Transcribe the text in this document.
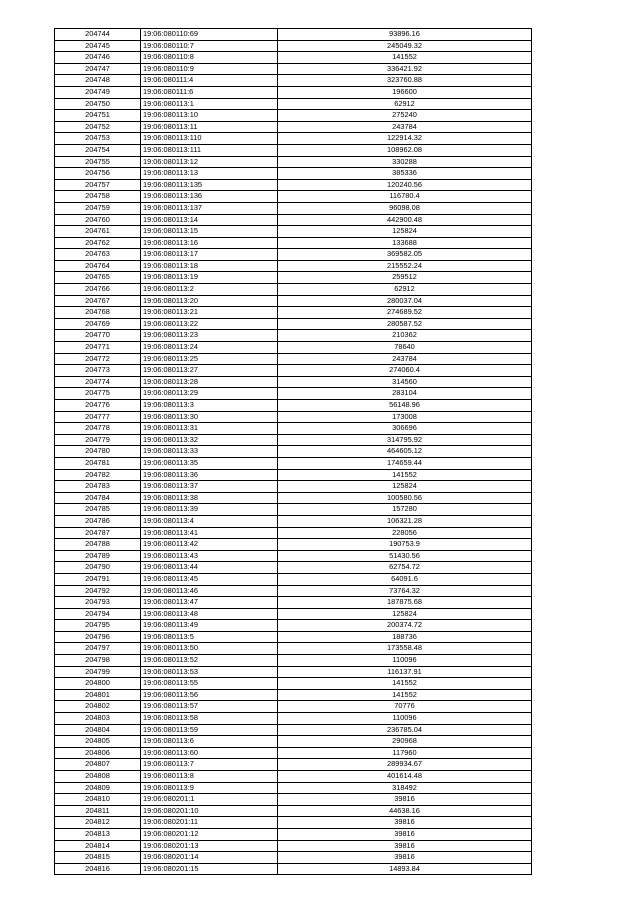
204744	19:06:080110:69	93896.16
204745	19:06:080110:7	245049.32
204746	19:06:080110:8	141552
204747	19:06:080110:9	336421.92
204748	19:06:080111:4	323760.88
204749	19:06:080111:6	196600
204750	19:06:080113:1	62912
204751	19:06:080113:10	275240
204752	19:06:080113:11	243784
204753	19:06:080113:110	122914.32
204754	19:06:080113:111	108962.08
204755	19:06:080113:12	330288
204756	19:06:080113:13	385336
204757	19:06:080113:135	120240.56
204758	19:06:080113:136	116780.4
204759	19:06:080113:137	96098.08
204760	19:06:080113:14	442900.48
204761	19:06:080113:15	125824
204762	19:06:080113:16	133688
204763	19:06:080113:17	369582.05
204764	19:06:080113:18	215552.24
204765	19:06:080113:19	259512
204766	19:06:080113:2	62912
204767	19:06:080113:20	280037.04
204768	19:06:080113:21	274689.52
204769	19:06:080113:22	280587.52
204770	19:06:080113:23	210362
204771	19:06:080113:24	78640
204772	19:06:080113:25	243784
204773	19:06:080113:27	274060.4
204774	19:06:080113:28	314560
204775	19:06:080113:29	283104
204776	19:06:080113:3	56148.96
204777	19:06:080113:30	173008
204778	19:06:080113:31	306696
204779	19:06:080113:32	314795.92
204780	19:06:080113:33	464605.12
204781	19:06:080113:35	174659.44
204782	19:06:080113:36	141552
204783	19:06:080113:37	125824
204784	19:06:080113:38	100580.56
204785	19:06:080113:39	157280
204786	19:06:080113:4	106321.28
204787	19:06:080113:41	228056
204788	19:06:080113:42	190753.9
204789	19:06:080113:43	51430.56
204790	19:06:080113:44	62754.72
204791	19:06:080113:45	64091.6
204792	19:06:080113:46	73764.32
204793	19:06:080113:47	187875.68
204794	19:06:080113:48	125824
204795	19:06:080113:49	200374.72
204796	19:06:080113:5	188736
204797	19:06:080113:50	173558.48
204798	19:06:080113:52	110096
204799	19:06:080113:53	116137.91
204800	19:06:080113:55	141552
204801	19:06:080113:56	141552
204802	19:06:080113:57	70776
204803	19:06:080113:58	110096
204804	19:06:080113:59	236785.04
204805	19:06:080113:6	290968
204806	19:06:080113:60	117960
204807	19:06:080113:7	289934.67
204808	19:06:080113:8	401614.48
204809	19:06:080113:9	318492
204810	19:06:080201:1	39816
204811	19:06:080201:10	44638.16
204812	19:06:080201:11	39816
204813	19:06:080201:12	39816
204814	19:06:080201:13	39816
204815	19:06:080201:14	39816
204816	19:06:080201:15	14893.84
